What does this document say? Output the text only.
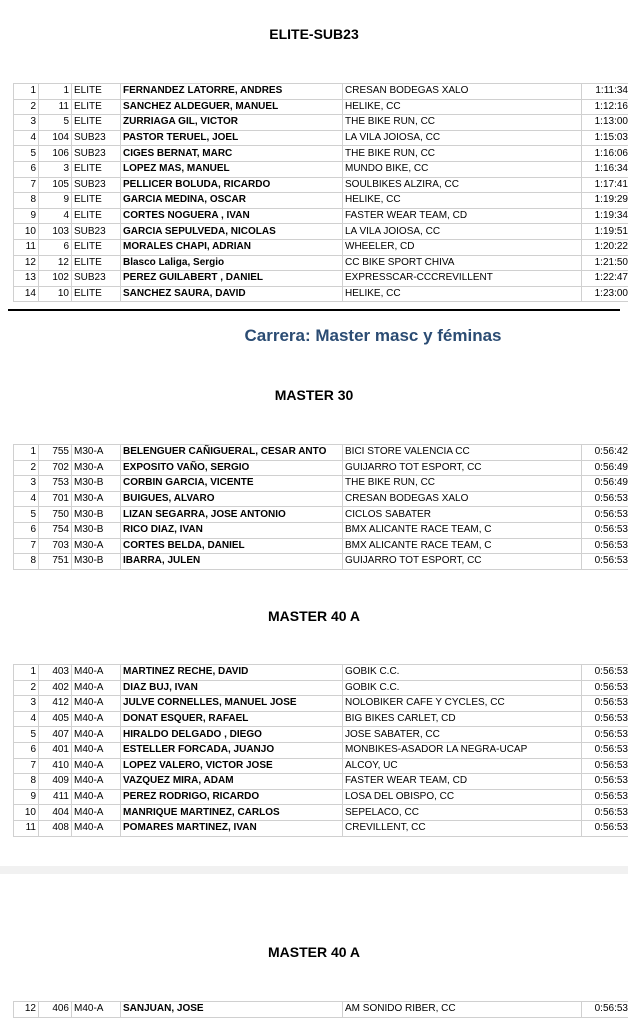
ELITE-SUB23
1	1	ELITE	FERNANDEZ LATORRE, ANDRES	CRESAN BODEGAS XALO	1:11:34
2	11	ELITE	SANCHEZ ALDEGUER, MANUEL	HELIKE, CC	1:12:16
3	5	ELITE	ZURRIAGA GIL, VICTOR	THE BIKE RUN, CC	1:13:00
4	104	SUB23	PASTOR TERUEL, JOEL	LA VILA JOIOSA, CC	1:15:03
5	106	SUB23	CIGES BERNAT, MARC	THE BIKE RUN, CC	1:16:06
6	3	ELITE	LOPEZ MAS, MANUEL	MUNDO BIKE, CC	1:16:34
7	105	SUB23	PELLICER BOLUDA, RICARDO	SOULBIKES ALZIRA, CC	1:17:41
8	9	ELITE	GARCIA MEDINA, OSCAR	HELIKE, CC	1:19:29
9	4	ELITE	CORTES NOGUERA , IVAN	FASTER WEAR TEAM, CD	1:19:34
10	103	SUB23	GARCIA SEPULVEDA, NICOLAS	LA VILA JOIOSA, CC	1:19:51
11	6	ELITE	MORALES CHAPI, ADRIAN	WHEELER, CD	1:20:22
12	12	ELITE	Blasco Laliga, Sergio	CC BIKE SPORT CHIVA	1:21:50
13	102	SUB23	PEREZ GUILABERT , DANIEL	EXPRESSCAR-CCCREVILLENT	1:22:47
14	10	ELITE	SANCHEZ SAURA, DAVID	HELIKE, CC	1:23:00
Carrera: Master masc y féminas
MASTER 30
1	755	M30-A	BELENGUER CAÑIGUERAL, CESAR ANTO	BICI STORE VALENCIA CC	0:56:42
2	702	M30-A	EXPOSITO VAÑO, SERGIO	GUIJARRO TOT ESPORT, CC	0:56:49
3	753	M30-B	CORBIN GARCIA, VICENTE	THE BIKE RUN, CC	0:56:49
4	701	M30-A	BUIGUES, ALVARO	CRESAN BODEGAS XALO	0:56:53
5	750	M30-B	LIZAN SEGARRA, JOSE ANTONIO	CICLOS SABATER	0:56:53
6	754	M30-B	RICO DIAZ, IVAN	BMX ALICANTE RACE TEAM, C	0:56:53
7	703	M30-A	CORTES BELDA, DANIEL	BMX ALICANTE RACE TEAM, C	0:56:53
8	751	M30-B	IBARRA, JULEN	GUIJARRO TOT ESPORT, CC	0:56:53
MASTER 40 A
1	403	M40-A	MARTINEZ RECHE, DAVID	GOBIK C.C.	0:56:53
2	402	M40-A	DIAZ BUJ, IVAN	GOBIK C.C.	0:56:53
3	412	M40-A	JULVE CORNELLES, MANUEL JOSE	NOLOBIKER CAFE Y CYCLES, CC	0:56:53
4	405	M40-A	DONAT ESQUER, RAFAEL	BIG BIKES CARLET, CD	0:56:53
5	407	M40-A	HIRALDO DELGADO , DIEGO	JOSE SABATER, CC	0:56:53
6	401	M40-A	ESTELLER FORCADA, JUANJO	MONBIKES-ASADOR LA NEGRA-UCAP	0:56:53
7	410	M40-A	LOPEZ VALERO, VICTOR JOSE	ALCOY, UC	0:56:53
8	409	M40-A	VAZQUEZ MIRA, ADAM	FASTER WEAR TEAM, CD	0:56:53
9	411	M40-A	PEREZ RODRIGO, RICARDO	LOSA DEL OBISPO, CC	0:56:53
10	404	M40-A	MANRIQUE MARTINEZ, CARLOS	SEPELACO, CC	0:56:53
11	408	M40-A	POMARES MARTINEZ, IVAN	CREVILLENT, CC	0:56:53
MASTER 40 A
12	406	M40-A	SANJUAN, JOSE	AM SONIDO RIBER, CC	0:56:53
